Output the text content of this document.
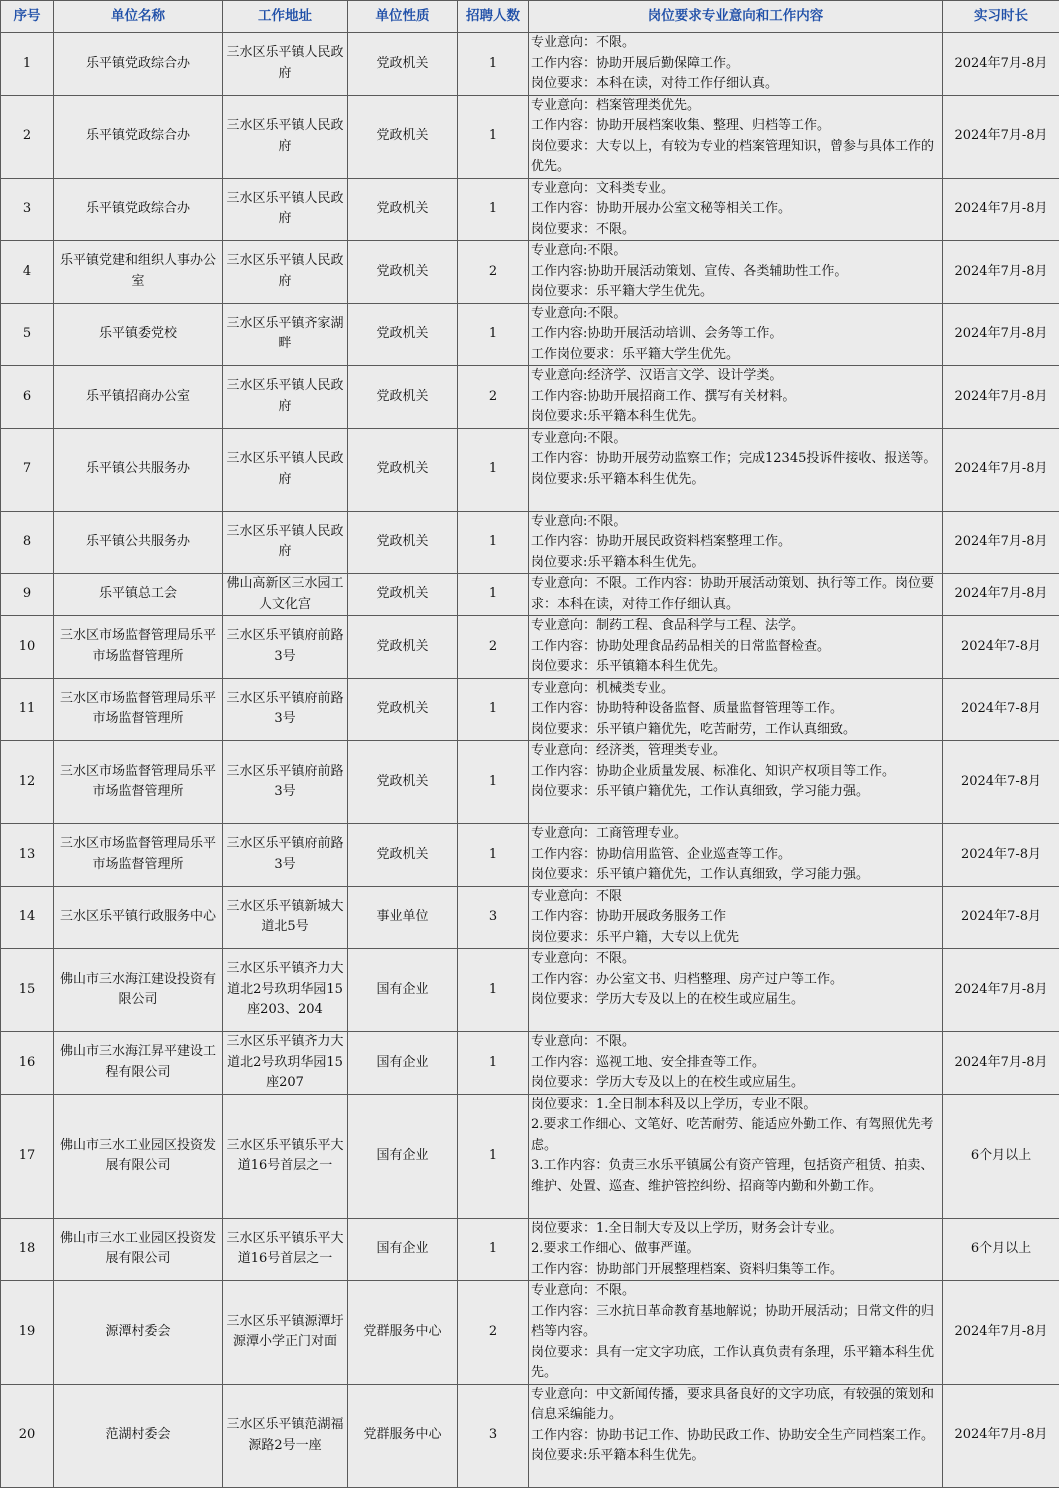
序号	单位名称	工作地址	单位性质	招聘人数	岗位要求专业意向和工作内容	实习时长
1	乐平镇党政综合办	三水区乐平镇人民政府	党政机关	1	专业意向：不限。
工作内容：协助开展后勤保障工作。
岗位要求：本科在读，对待工作仔细认真。	2024年7月-8月
2	乐平镇党政综合办	三水区乐平镇人民政府	党政机关	1	专业意向：档案管理类优先。
工作内容：协助开展档案收集、整理、归档等工作。
岗位要求：大专以上，有较为专业的档案管理知识，曾参与具体工作的优先。	2024年7月-8月
3	乐平镇党政综合办	三水区乐平镇人民政府	党政机关	1	专业意向：文科类专业。
工作内容：协助开展办公室文秘等相关工作。
岗位要求：不限。	2024年7月-8月
4	乐平镇党建和组织人事办公室	三水区乐平镇人民政府	党政机关	2	专业意向:不限。
工作内容:协助开展活动策划、宣传、各类辅助性工作。
岗位要求：乐平籍大学生优先。	2024年7月-8月
5	乐平镇委党校	三水区乐平镇齐家湖畔	党政机关	1	专业意向:不限。
工作内容:协助开展活动培训、会务等工作。
工作岗位要求：乐平籍大学生优先。	2024年7月-8月
6	乐平镇招商办公室	三水区乐平镇人民政府	党政机关	2	专业意向:经济学、汉语言文学、设计学类。
工作内容:协助开展招商工作、撰写有关材料。
岗位要求:乐平籍本科生优先。	2024年7月-8月
7	乐平镇公共服务办	三水区乐平镇人民政府	党政机关	1	专业意向:不限。
工作内容：协助开展劳动监察工作；完成12345投诉件接收、报送等。
岗位要求:乐平籍本科生优先。	2024年7月-8月
8	乐平镇公共服务办	三水区乐平镇人民政府	党政机关	1	专业意向:不限。
工作内容：协助开展民政资料档案整理工作。
岗位要求:乐平籍本科生优先。	2024年7月-8月
9	乐平镇总工会	佛山高新区三水园工人文化宫	党政机关	1	专业意向：不限。工作内容：协助开展活动策划、执行等工作。岗位要求：本科在读，对待工作仔细认真。	2024年7月-8月
10	三水区市场监督管理局乐平市场监督管理所	三水区乐平镇府前路3号	党政机关	2	专业意向：制药工程、食品科学与工程、法学。
工作内容：协助处理食品药品相关的日常监督检查。
岗位要求：乐平镇籍本科生优先。	2024年7-8月
11	三水区市场监督管理局乐平市场监督管理所	三水区乐平镇府前路3号	党政机关	1	专业意向：机械类专业。
工作内容：协助特种设备监督、质量监督管理等工作。
岗位要求：乐平镇户籍优先，吃苦耐劳，工作认真细致。	2024年7-8月
12	三水区市场监督管理局乐平市场监督管理所	三水区乐平镇府前路3号	党政机关	1	专业意向：经济类，管理类专业。
工作内容：协助企业质量发展、标准化、知识产权项目等工作。
岗位要求：乐平镇户籍优先，工作认真细致，学习能力强。	2024年7-8月
13	三水区市场监督管理局乐平市场监督管理所	三水区乐平镇府前路3号	党政机关	1	专业意向：工商管理专业。
工作内容：协助信用监管、企业巡查等工作。
岗位要求：乐平镇户籍优先，工作认真细致，学习能力强。	2024年7-8月
14	三水区乐平镇行政服务中心	三水区乐平镇新城大道北5号	事业单位	3	专业意向：不限
工作内容：协助开展政务服务工作
岗位要求：乐平户籍，大专以上优先	2024年7-8月
15	佛山市三水海江建设投资有限公司	三水区乐平镇齐力大道北2号玖玥华园15座203、204	国有企业	1	专业意向：不限。
工作内容：办公室文书、归档整理、房产过户等工作。
岗位要求：学历大专及以上的在校生或应届生。	2024年7月-8月
16	佛山市三水海江昇平建设工程有限公司	三水区乐平镇齐力大道北2号玖玥华园15座207	国有企业	1	专业意向：不限。
工作内容：巡视工地、安全排查等工作。
岗位要求：学历大专及以上的在校生或应届生。	2024年7月-8月
17	佛山市三水工业园区投资发展有限公司	三水区乐平镇乐平大道16号首层之一	国有企业	1	岗位要求：1.全日制本科及以上学历，专业不限。
2.要求工作细心、文笔好、吃苦耐劳、能适应外勤工作、有驾照优先考虑。
3.工作内容：负责三水乐平镇属公有资产管理，包括资产租赁、拍卖、维护、处置、巡查、维护管控纠纷、招商等内勤和外勤工作。	6个月以上
18	佛山市三水工业园区投资发展有限公司	三水区乐平镇乐平大道16号首层之一	国有企业	1	岗位要求：1.全日制大专及以上学历，财务会计专业。
2.要求工作细心、做事严谨。
工作内容：协助部门开展整理档案、资料归集等工作。	6个月以上
19	源潭村委会	三水区乐平镇源潭圩源潭小学正门对面	党群服务中心	2	专业意向：不限。
工作内容：三水抗日革命教育基地解说；协助开展活动；日常文件的归档等内容。
岗位要求：具有一定文字功底，工作认真负责有条理，乐平籍本科生优先。	2024年7月-8月
20	范湖村委会	三水区乐平镇范湖福源路2号一座	党群服务中心	3	专业意向：中文新闻传播，要求具备良好的文字功底，有较强的策划和信息采编能力。
工作内容：协助书记工作、协助民政工作、协助安全生产同档案工作。
岗位要求:乐平籍本科生优先。	2024年7月-8月
